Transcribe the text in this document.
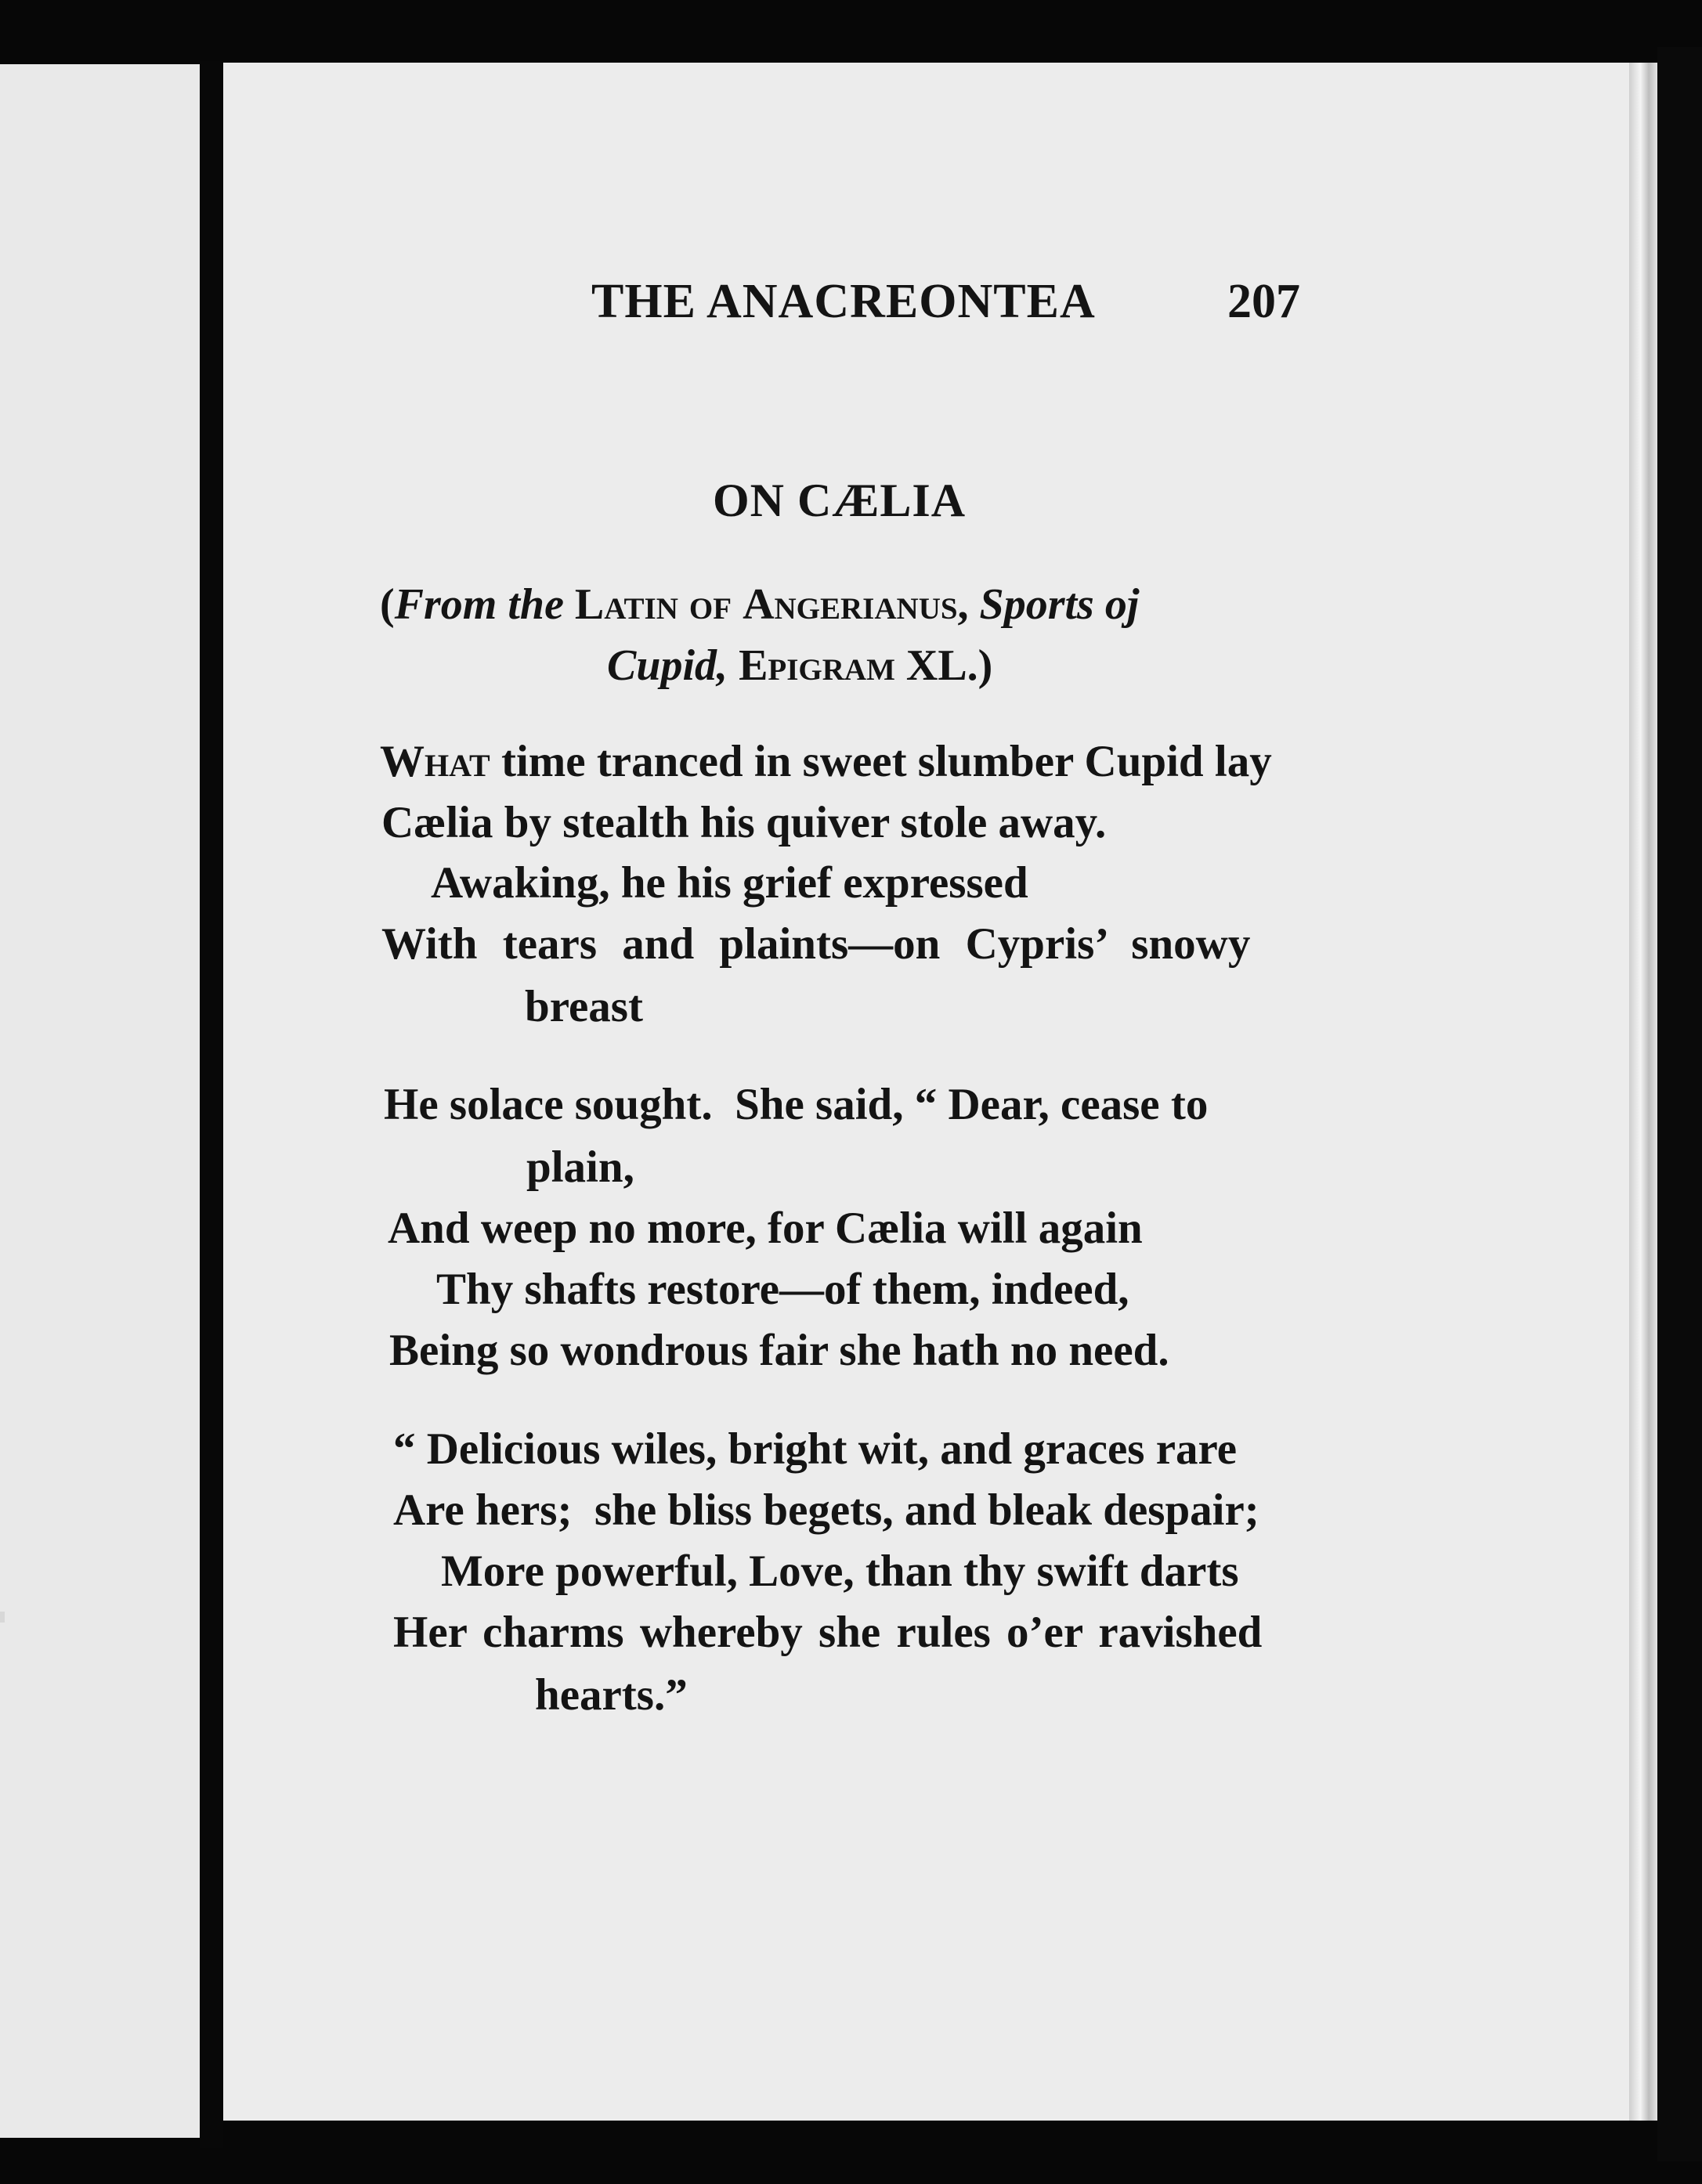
THE ANACREONTEA	207
ON CÆLIA
(From the Latin of Angerianus, Sports oj
Cupid, Epigram XL.)
What time tranced in sweet slumber Cupid lay
Cælia by stealth his quiver stole away.
Awaking, he his grief expressed
With tears and plaints—on Cypris’ snowy
breast
He solace sought.  She said, “ Dear, cease to
plain,
And weep no more, for Cælia will again
Thy shafts restore—of them, indeed,
Being so wondrous fair she hath no need.
“ Delicious wiles, bright wit, and graces rare
Are hers;  she bliss begets, and bleak despair;
More powerful, Love, than thy swift darts
Her charms whereby she rules o’er ravished
hearts.”
